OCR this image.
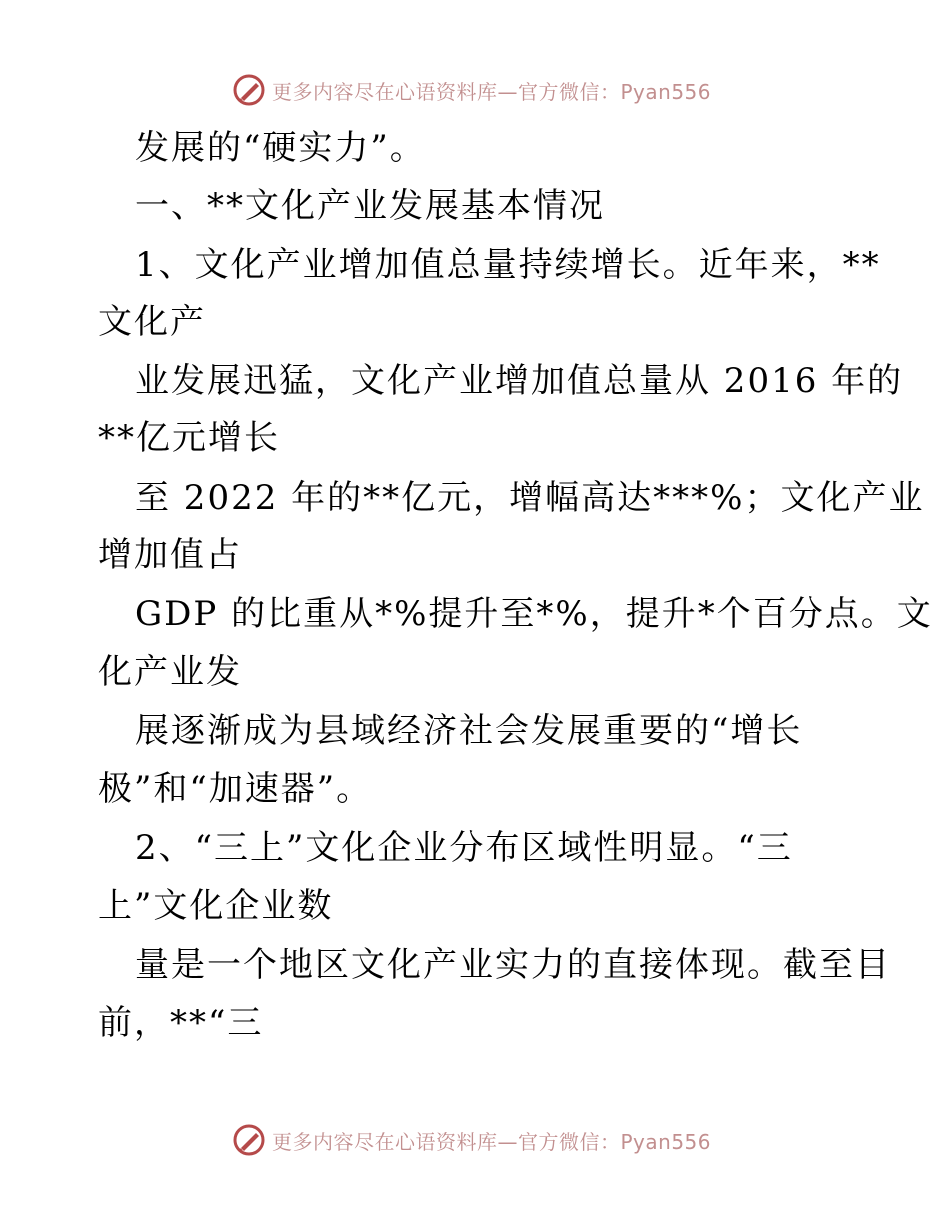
更多内容尽在心语资料库—官方微信：Pyan556
发展的“硬实力”。
一、**文化产业发展基本情况
1、文化产业增加值总量持续增长。近年来，**
文化产
业发展迅猛，文化产业增加值总量从 2016 年的
**亿元增长
至 2022 年的**亿元，增幅高达***%；文化产业
增加值占
GDP 的比重从*%提升至*%，提升*个百分点。文
化产业发
展逐渐成为县域经济社会发展重要的“增长
极”和“加速器”。
2、“三上”文化企业分布区域性明显。“三
上”文化企业数
量是一个地区文化产业实力的直接体现。截至目
前，**“三
更多内容尽在心语资料库—官方微信：Pyan556
